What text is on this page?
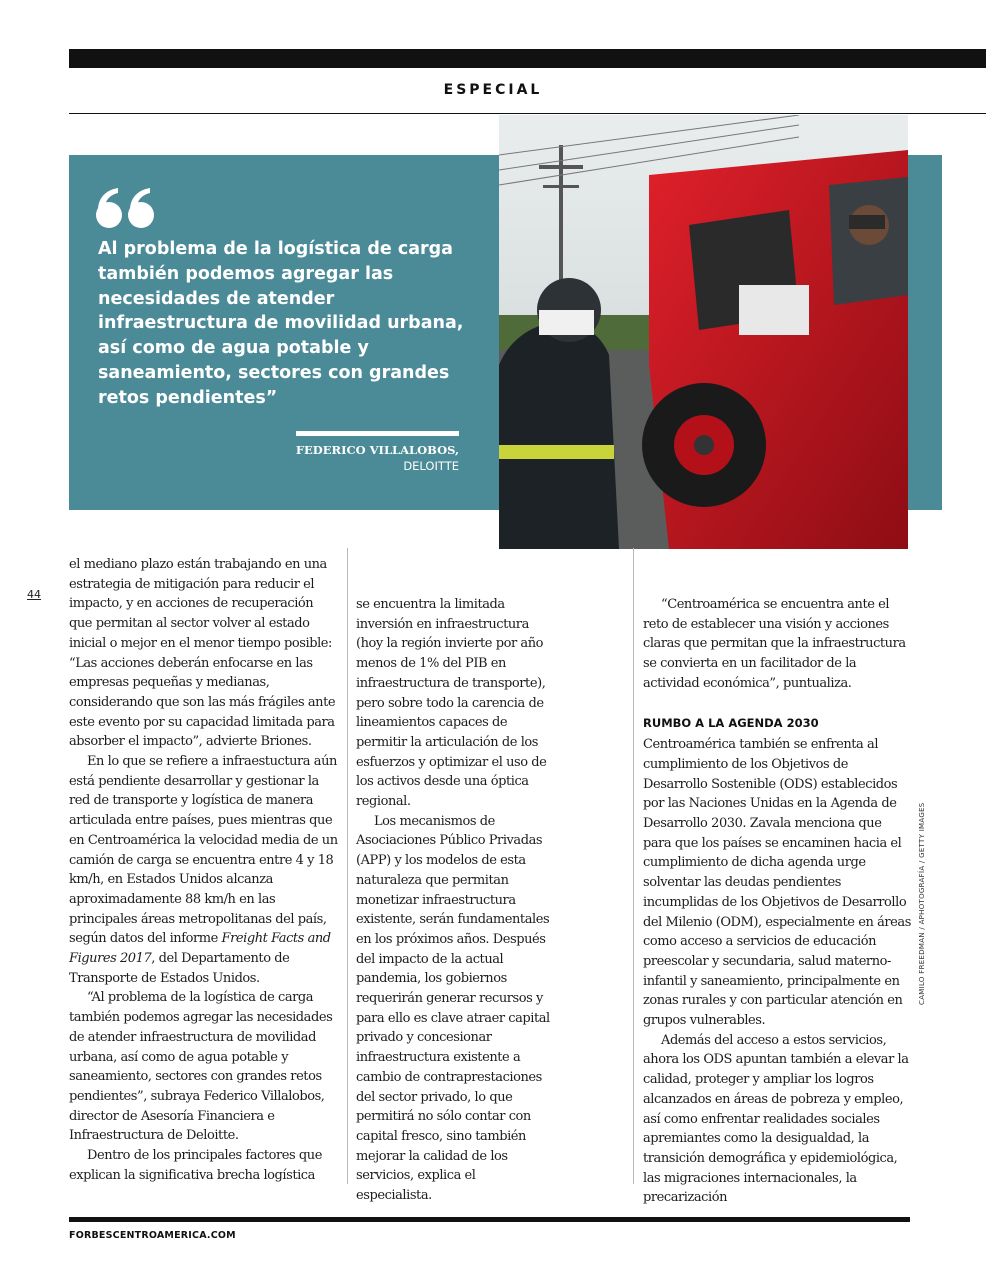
ESPECIAL

Al problema de la logística de carga también podemos agregar las necesidades de atender infraestructura de movilidad urbana, así como de agua potable y saneamiento, sectores con grandes retos pendientes”

FEDERICO VILLALOBOS,
DELOITTE
CAMILO FREEDMAN / APHOTOGRAFÍA / GETTY IMAGES
44

el mediano plazo están trabajando en una estrategia de mitigación para reducir el impacto, y en acciones de recuperación que permitan al sector volver al estado inicial o mejor en el menor tiempo posible: “Las acciones deberán enfocarse en las empresas pequeñas y medianas, considerando que son las más frágiles ante este evento por su capacidad limitada para absorber el impacto”, advierte Briones.

En lo que se refiere a infraestuctura aún está pendiente desarrollar y gestionar la red de transporte y logística de manera articulada entre países, pues mientras que en Centroamérica la velocidad media de un camión de carga se encuentra entre 4 y 18 km/h, en Estados Unidos alcanza aproximadamente 88 km/h en las principales áreas metropolitanas del país, según datos del informe Freight Facts and Figures 2017, del Departamento de Transporte de Estados Unidos.

“Al problema de la logística de carga también podemos agregar las necesidades de atender infraestructura de movilidad urbana, así como de agua potable y saneamiento, sectores con grandes retos pendientes”, subraya Federico Villalobos, director de Asesoría Financiera e Infraestructura de Deloitte.

Dentro de los principales factores que explican la significativa brecha logística

se encuentra la limitada inversión en infraestructura (hoy la región invierte por año menos de 1% del PIB en infraestructura de transporte), pero sobre todo la carencia de lineamientos capaces de permitir la articulación de los esfuerzos y optimizar el uso de los activos desde una óptica regional.

Los mecanismos de Asociaciones Público Privadas (APP) y los modelos de esta naturaleza que permitan monetizar infraestructura existente, serán fundamentales en los próximos años. Después del impacto de la actual pandemia, los gobiernos requerirán generar recursos y para ello es clave atraer capital privado y concesionar infraestructura existente a cambio de contraprestaciones del sector privado, lo que permitirá no sólo contar con capital fresco, sino también mejorar la calidad de los servicios, explica el especialista.

“Centroamérica se encuentra ante el reto de establecer una visión y acciones claras que permitan que la infraestructura se convierta en un facilitador de la actividad económica”, puntualiza.

RUMBO A LA AGENDA 2030

Centroamérica también se enfrenta al cumplimiento de los Objetivos de Desarrollo Sostenible (ODS) establecidos por las Naciones Unidas en la Agenda de Desarrollo 2030. Zavala menciona que para que los países se encaminen hacia el cumplimiento de dicha agenda urge solventar las deudas pendientes incumplidas de los Objetivos de Desarrollo del Milenio (ODM), especialmente en áreas como acceso a servicios de educación preescolar y secundaria, salud materno-infantil y saneamiento, principalmente en zonas rurales y con particular atención en grupos vulnerables.

Además del acceso a estos servicios, ahora los ODS apuntan también a elevar la calidad, proteger y ampliar los logros alcanzados en áreas de pobreza y empleo, así como enfrentar realidades sociales apremiantes como la desigualdad, la transición demográfica y epidemiológica, las migraciones internacionales, la precarización

FORBESCENTROAMERICA.COM
